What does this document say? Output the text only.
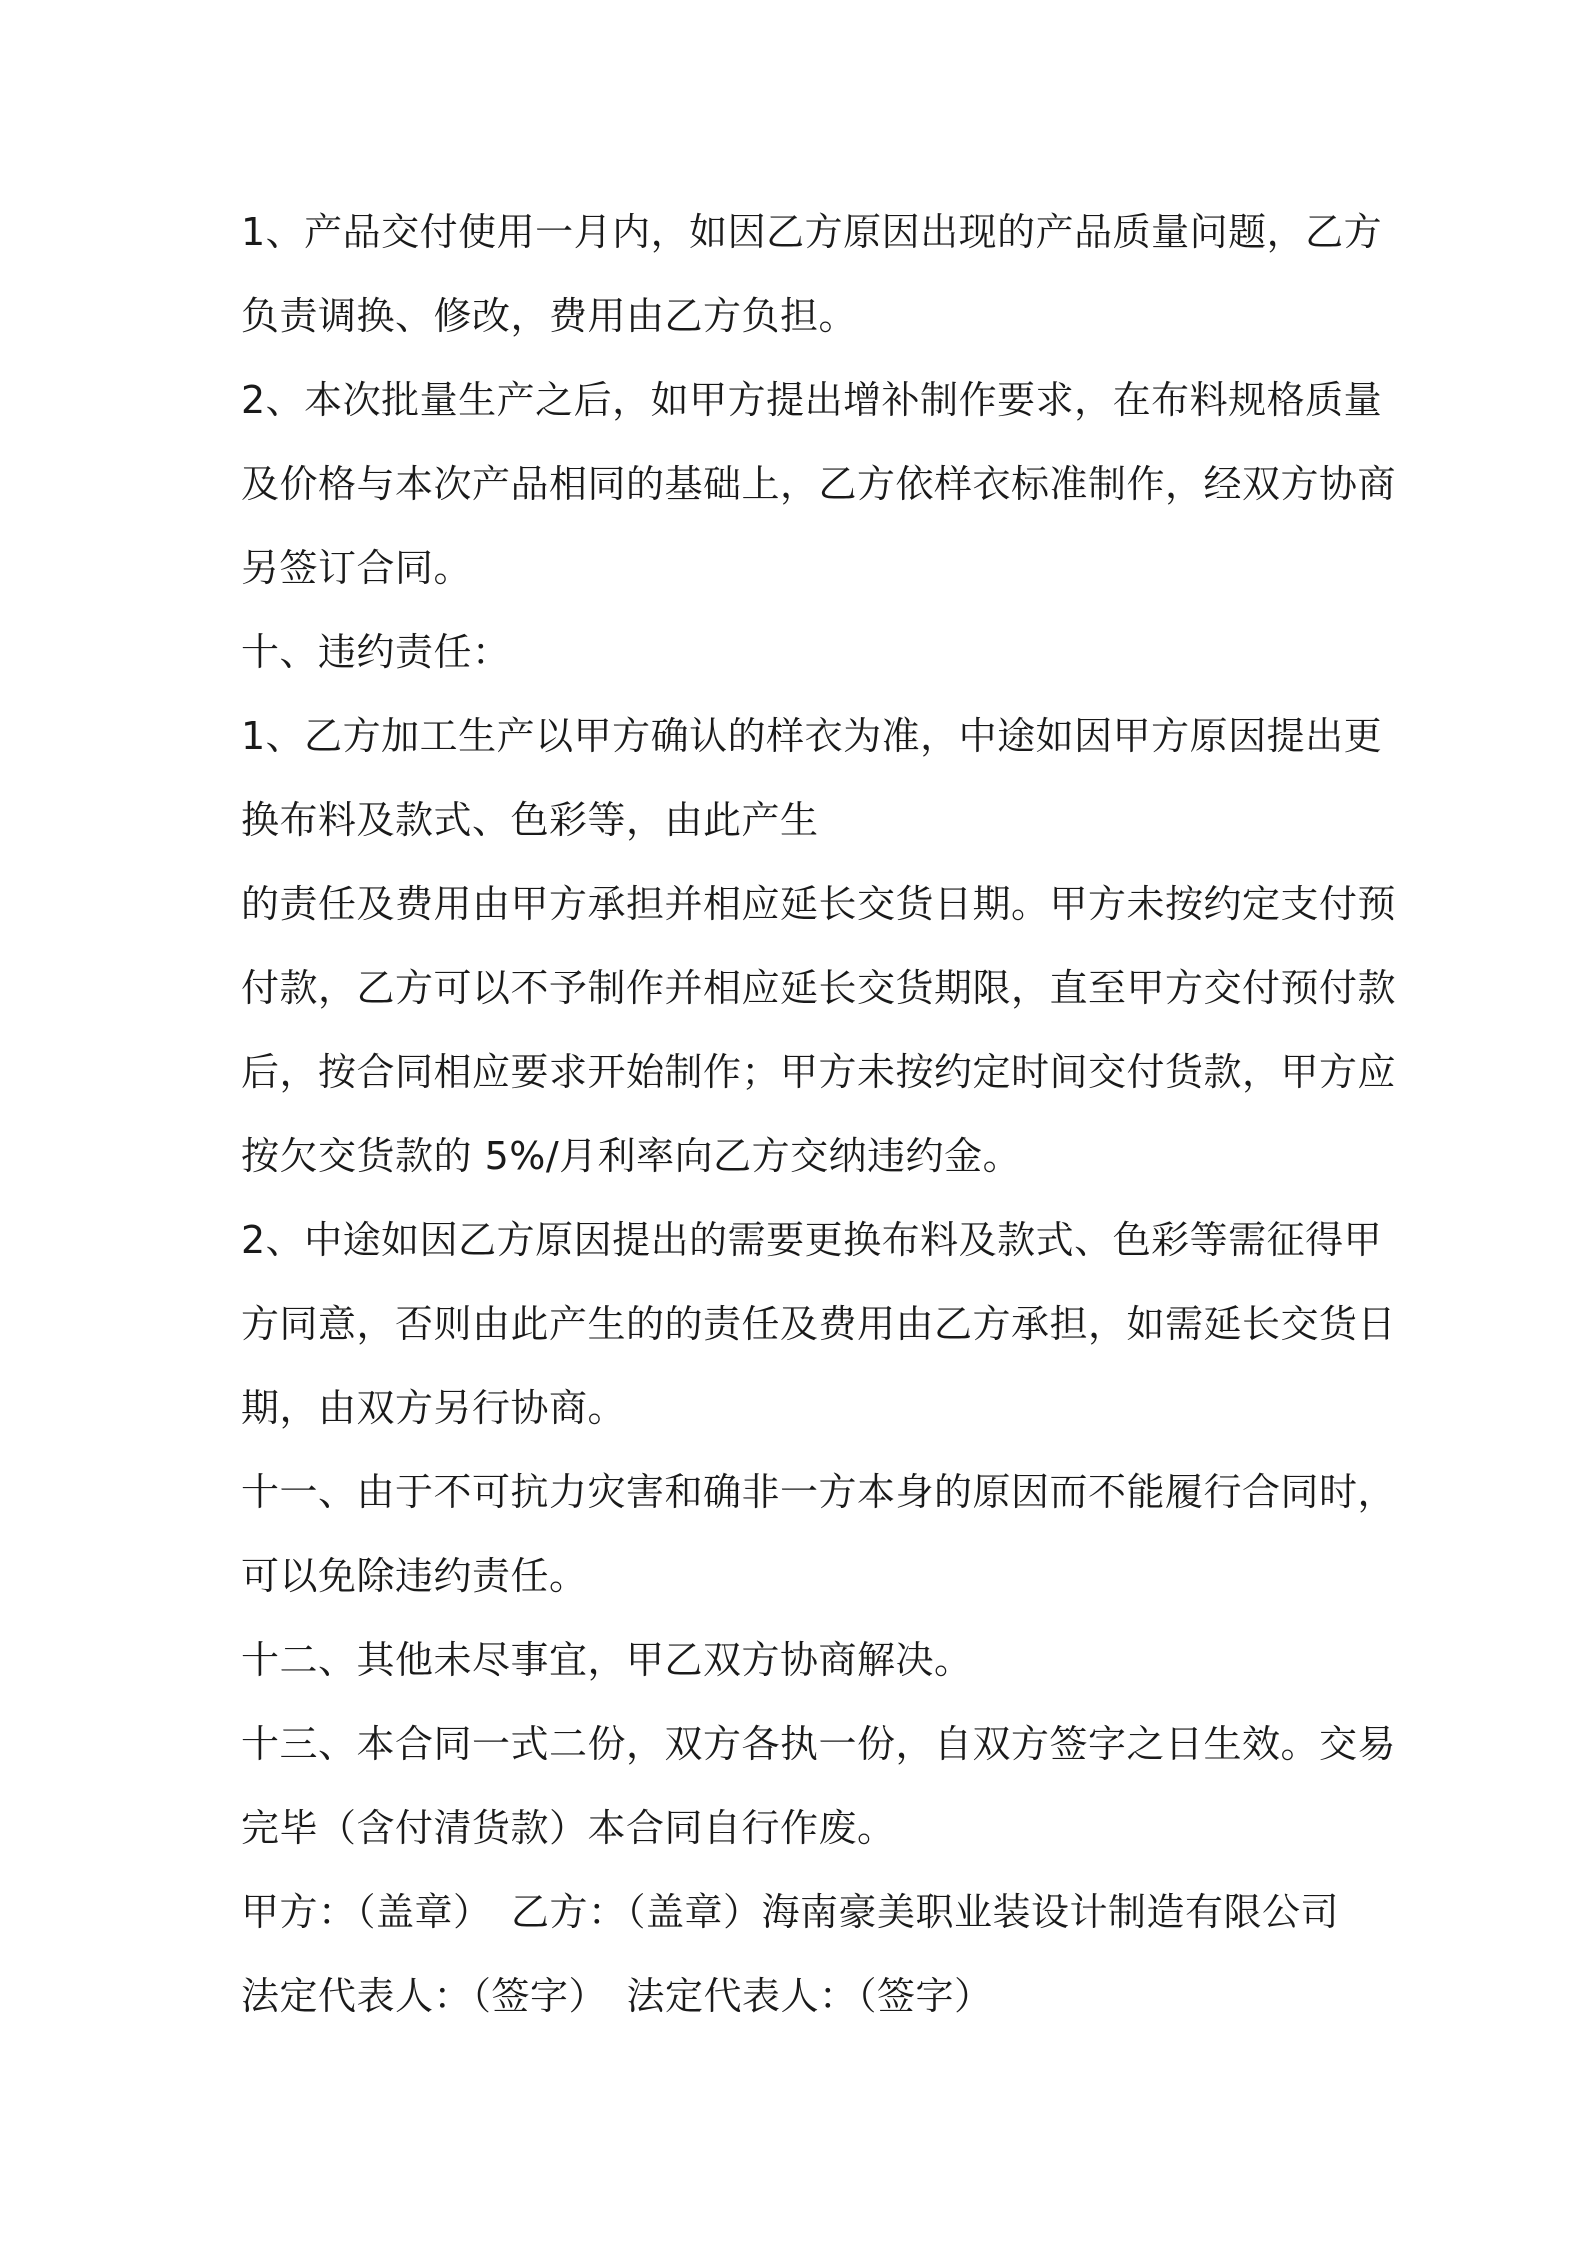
1、产品交付使用一月内，如因乙方原因出现的产品质量问题，乙方
负责调换、修改，费用由乙方负担。
2、本次批量生产之后，如甲方提出增补制作要求，在布料规格质量
及价格与本次产品相同的基础上，乙方依样衣标准制作，经双方协商
另签订合同。
十、违约责任：
1、乙方加工生产以甲方确认的样衣为准，中途如因甲方原因提出更
换布料及款式、色彩等，由此产生
的责任及费用由甲方承担并相应延长交货日期。甲方未按约定支付预
付款，乙方可以不予制作并相应延长交货期限，直至甲方交付预付款
后，按合同相应要求开始制作；甲方未按约定时间交付货款，甲方应
按欠交货款的 5%/月利率向乙方交纳违约金。
2、中途如因乙方原因提出的需要更换布料及款式、色彩等需征得甲
方同意，否则由此产生的的责任及费用由乙方承担，如需延长交货日
期，由双方另行协商。
十一、由于不可抗力灾害和确非一方本身的原因而不能履行合同时，
可以免除违约责任。
十二、其他未尽事宜，甲乙双方协商解决。
十三、本合同一式二份，双方各执一份，自双方签字之日生效。交易
完毕（含付清货款）本合同自行作废。
甲方：（盖章）　乙方：（盖章）海南豪美职业装设计制造有限公司
法定代表人：（签字）　法定代表人：（签字）
